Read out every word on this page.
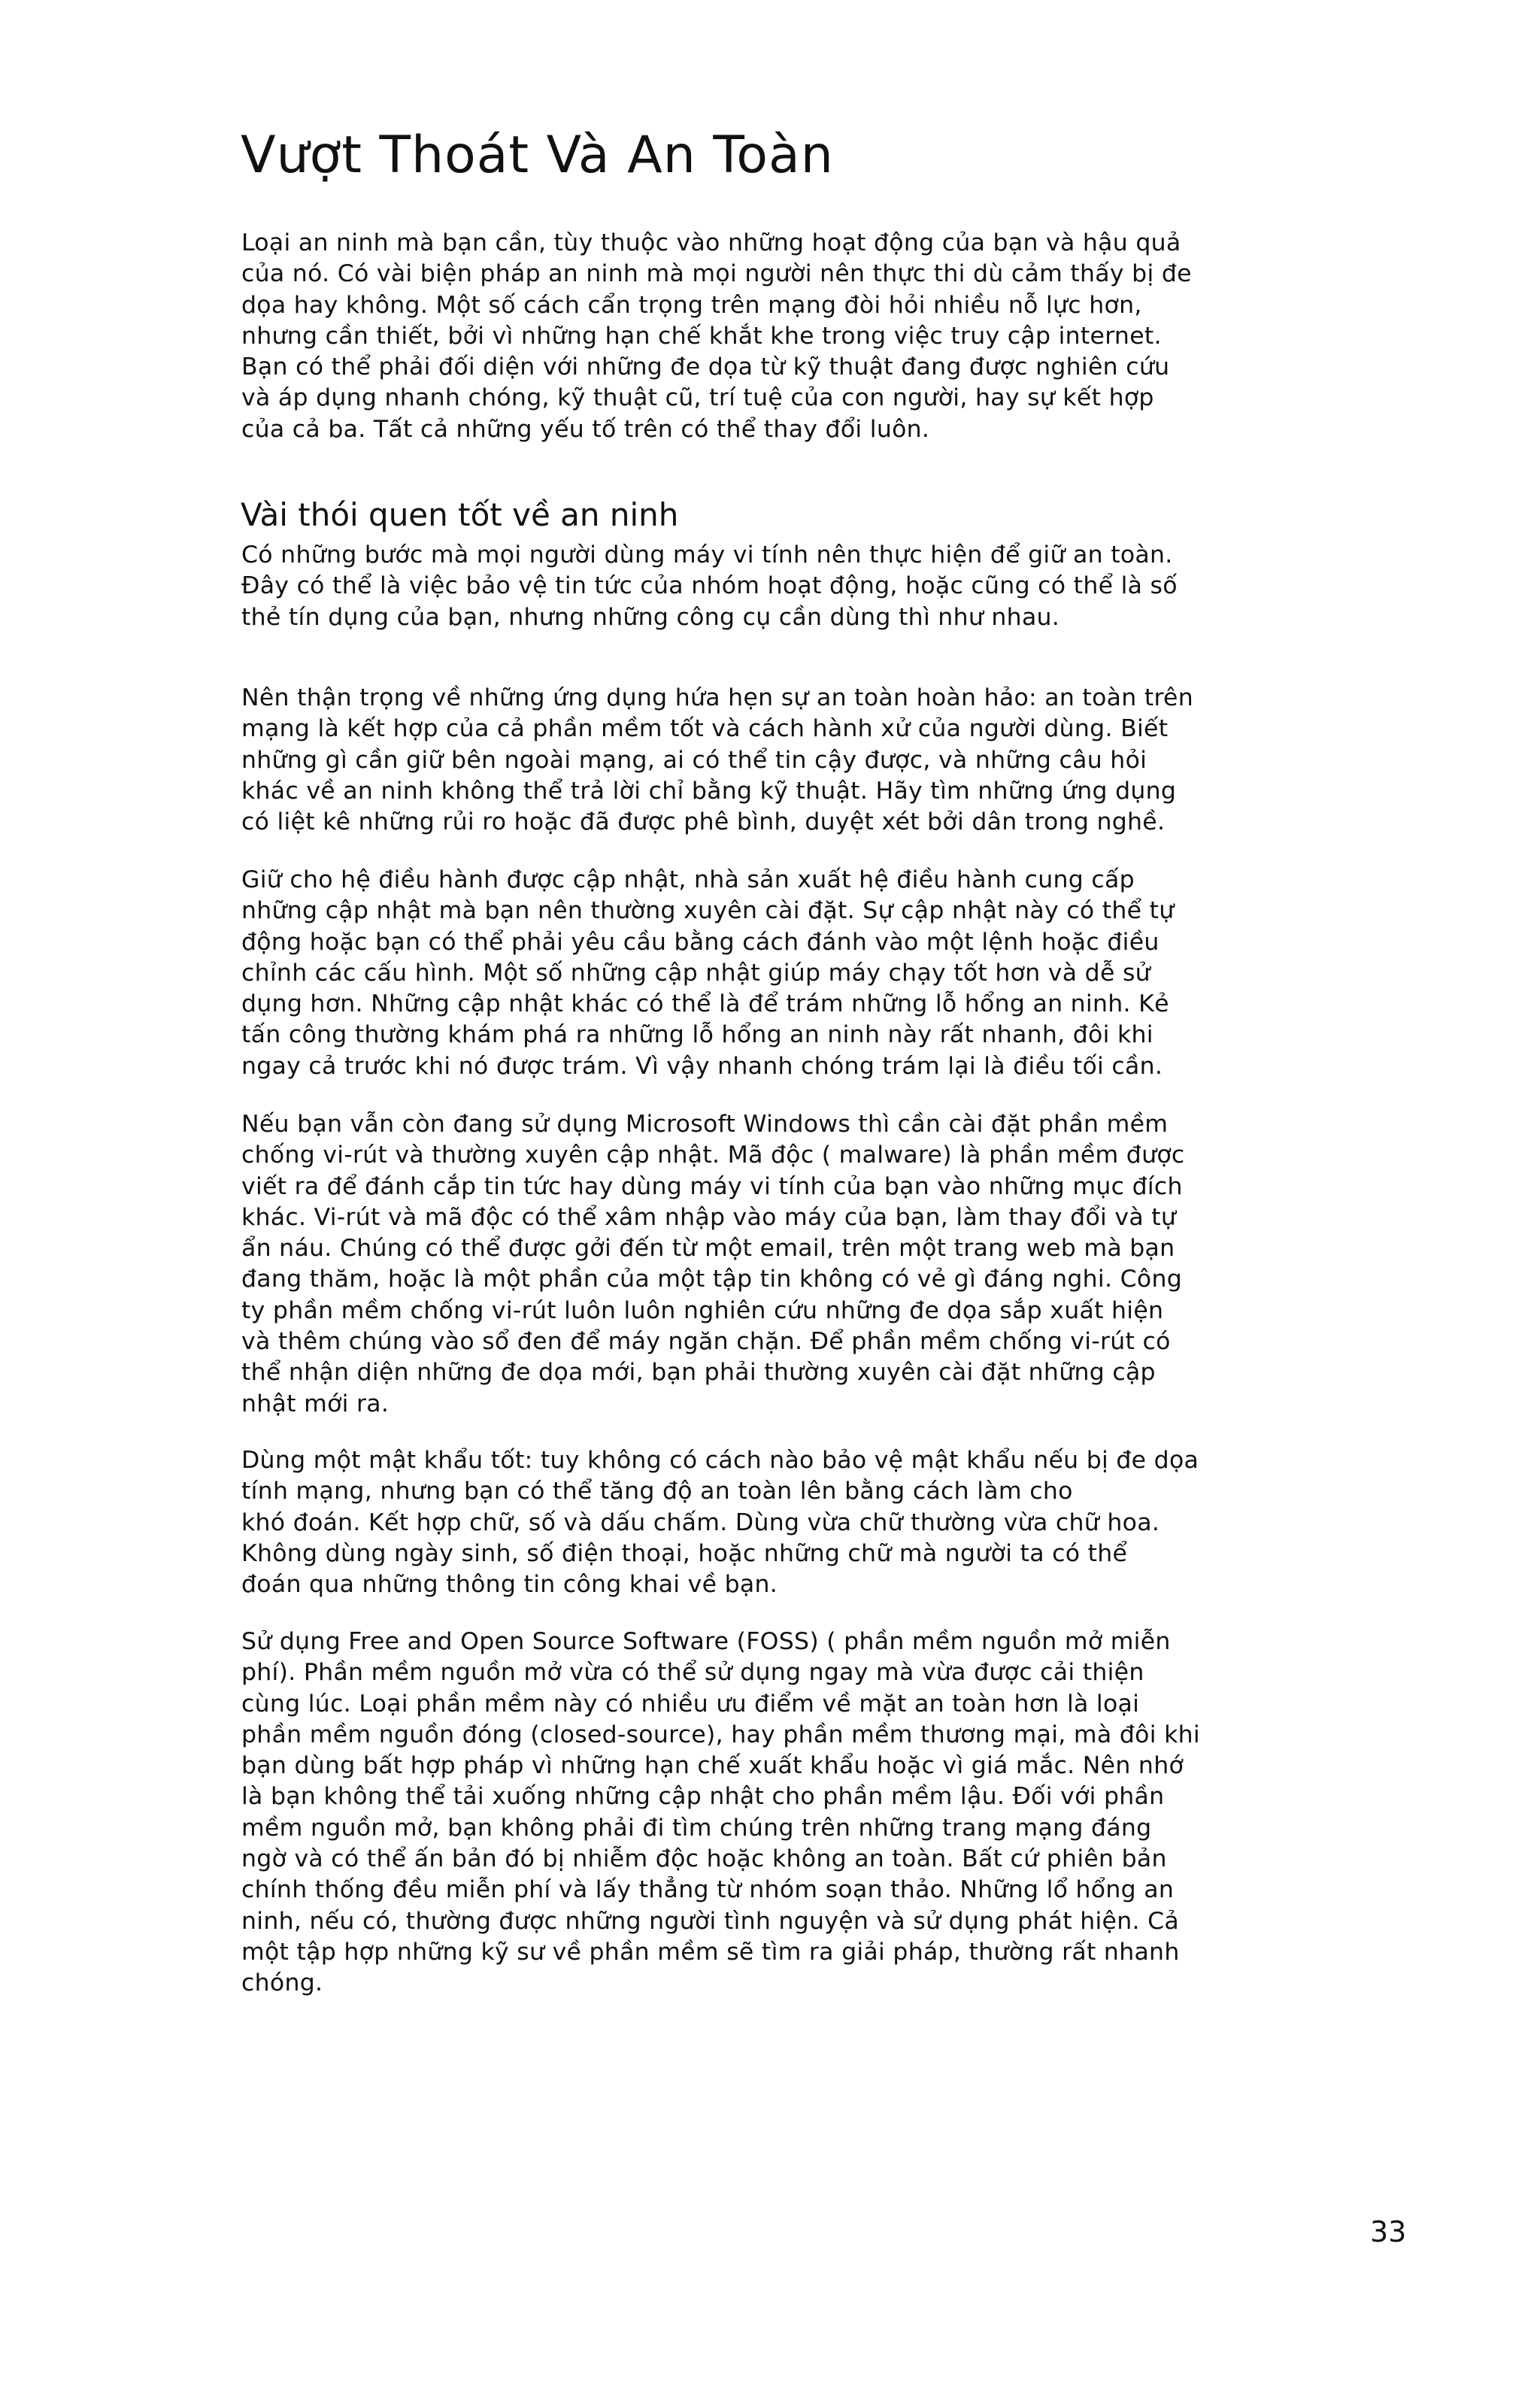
Vượt Thoát Và An Toàn

Loại an ninh mà bạn cần, tùy thuộc vào những hoạt động của bạn và hậu quả
của nó. Có vài biện pháp an ninh mà mọi người nên thực thi dù cảm thấy bị đe
dọa hay không. Một số cách cẩn trọng trên mạng đòi hỏi nhiều nỗ lực hơn,
nhưng cần thiết, bởi vì những hạn chế khắt khe trong việc truy cập internet.
Bạn có thể phải đối diện với những đe dọa từ kỹ thuật đang được nghiên cứu
và áp dụng nhanh chóng, kỹ thuật cũ, trí tuệ của con người, hay sự kết hợp
của cả ba. Tất cả những yếu tố trên có thể thay đổi luôn.

Vài thói quen tốt về an ninh

Có những bước mà mọi người dùng máy vi tính nên thực hiện để giữ an toàn.
Đây có thể là việc bảo vệ tin tức của nhóm hoạt động, hoặc cũng có thể là số
thẻ tín dụng của bạn, nhưng những công cụ cần dùng thì như nhau.

Nên thận trọng về những ứng dụng hứa hẹn sự an toàn hoàn hảo: an toàn trên
mạng là kết hợp của cả phần mềm tốt và cách hành xử của người dùng. Biết
những gì cần giữ bên ngoài mạng, ai có thể tin cậy được, và những câu hỏi
khác về an ninh không thể trả lời chỉ bằng kỹ thuật. Hãy tìm những ứng dụng
có liệt kê những rủi ro hoặc đã được phê bình, duyệt xét bởi dân trong nghề.

Giữ cho hệ điều hành được cập nhật, nhà sản xuất hệ điều hành cung cấp
những cập nhật mà bạn nên thường xuyên cài đặt. Sự cập nhật này có thể tự
động hoặc bạn có thể phải yêu cầu bằng cách đánh vào một lệnh hoặc điều
chỉnh các cấu hình. Một số những cập nhật giúp máy chạy tốt hơn và dễ sử
dụng hơn. Những cập nhật khác có thể là để trám những lỗ hổng an ninh. Kẻ
tấn công thường khám phá ra những lỗ hổng an ninh này rất nhanh, đôi khi
ngay cả trước khi nó được trám. Vì vậy nhanh chóng trám lại là điều tối cần.

Nếu bạn vẫn còn đang sử dụng Microsoft Windows thì cần cài đặt phần mềm
chống vi-rút và thường xuyên cập nhật. Mã độc ( malware) là phần mềm được
viết ra để đánh cắp tin tức hay dùng máy vi tính của bạn vào những mục đích
khác. Vi-rút và mã độc có thể xâm nhập vào máy của bạn, làm thay đổi và tự
ẩn náu. Chúng có thể được gởi đến từ một email, trên một trang web mà bạn
đang thăm, hoặc là một phần của một tập tin không có vẻ gì đáng nghi. Công
ty phần mềm chống vi-rút luôn luôn nghiên cứu những đe dọa sắp xuất hiện
và thêm chúng vào sổ đen để máy ngăn chặn. Để phần mềm chống vi-rút có
thể nhận diện những đe dọa mới, bạn phải thường xuyên cài đặt những cập
nhật mới ra.

Dùng một mật khẩu tốt: tuy không có cách nào bảo vệ mật khẩu nếu bị đe dọa
tính mạng, nhưng bạn có thể tăng độ an toàn lên bằng cách làm cho
khó đoán. Kết hợp chữ, số và dấu chấm. Dùng vừa chữ thường vừa chữ hoa.
Không dùng ngày sinh, số điện thoại, hoặc những chữ mà người ta có thể
đoán qua những thông tin công khai về bạn.

Sử dụng Free and Open Source Software (FOSS) ( phần mềm nguồn mở miễn
phí). Phần mềm nguồn mở vừa có thể sử dụng ngay mà vừa được cải thiện
cùng lúc. Loại phần mềm này có nhiều ưu điểm về mặt an toàn hơn là loại
phần mềm nguồn đóng (closed-source), hay phần mềm thương mại, mà đôi khi
bạn dùng bất hợp pháp vì những hạn chế xuất khẩu hoặc vì giá mắc. Nên nhớ
là bạn không thể tải xuống những cập nhật cho phần mềm lậu. Đối với phần
mềm nguồn mở, bạn không phải đi tìm chúng trên những trang mạng đáng
ngờ và có thể ấn bản đó bị nhiễm độc hoặc không an toàn. Bất cứ phiên bản
chính thống đều miễn phí và lấy thẳng từ nhóm soạn thảo. Những lổ hổng an
ninh, nếu có, thường được những người tình nguyện và sử dụng phát hiện. Cả
một tập hợp những kỹ sư về phần mềm sẽ tìm ra giải pháp, thường rất nhanh
chóng.

33
